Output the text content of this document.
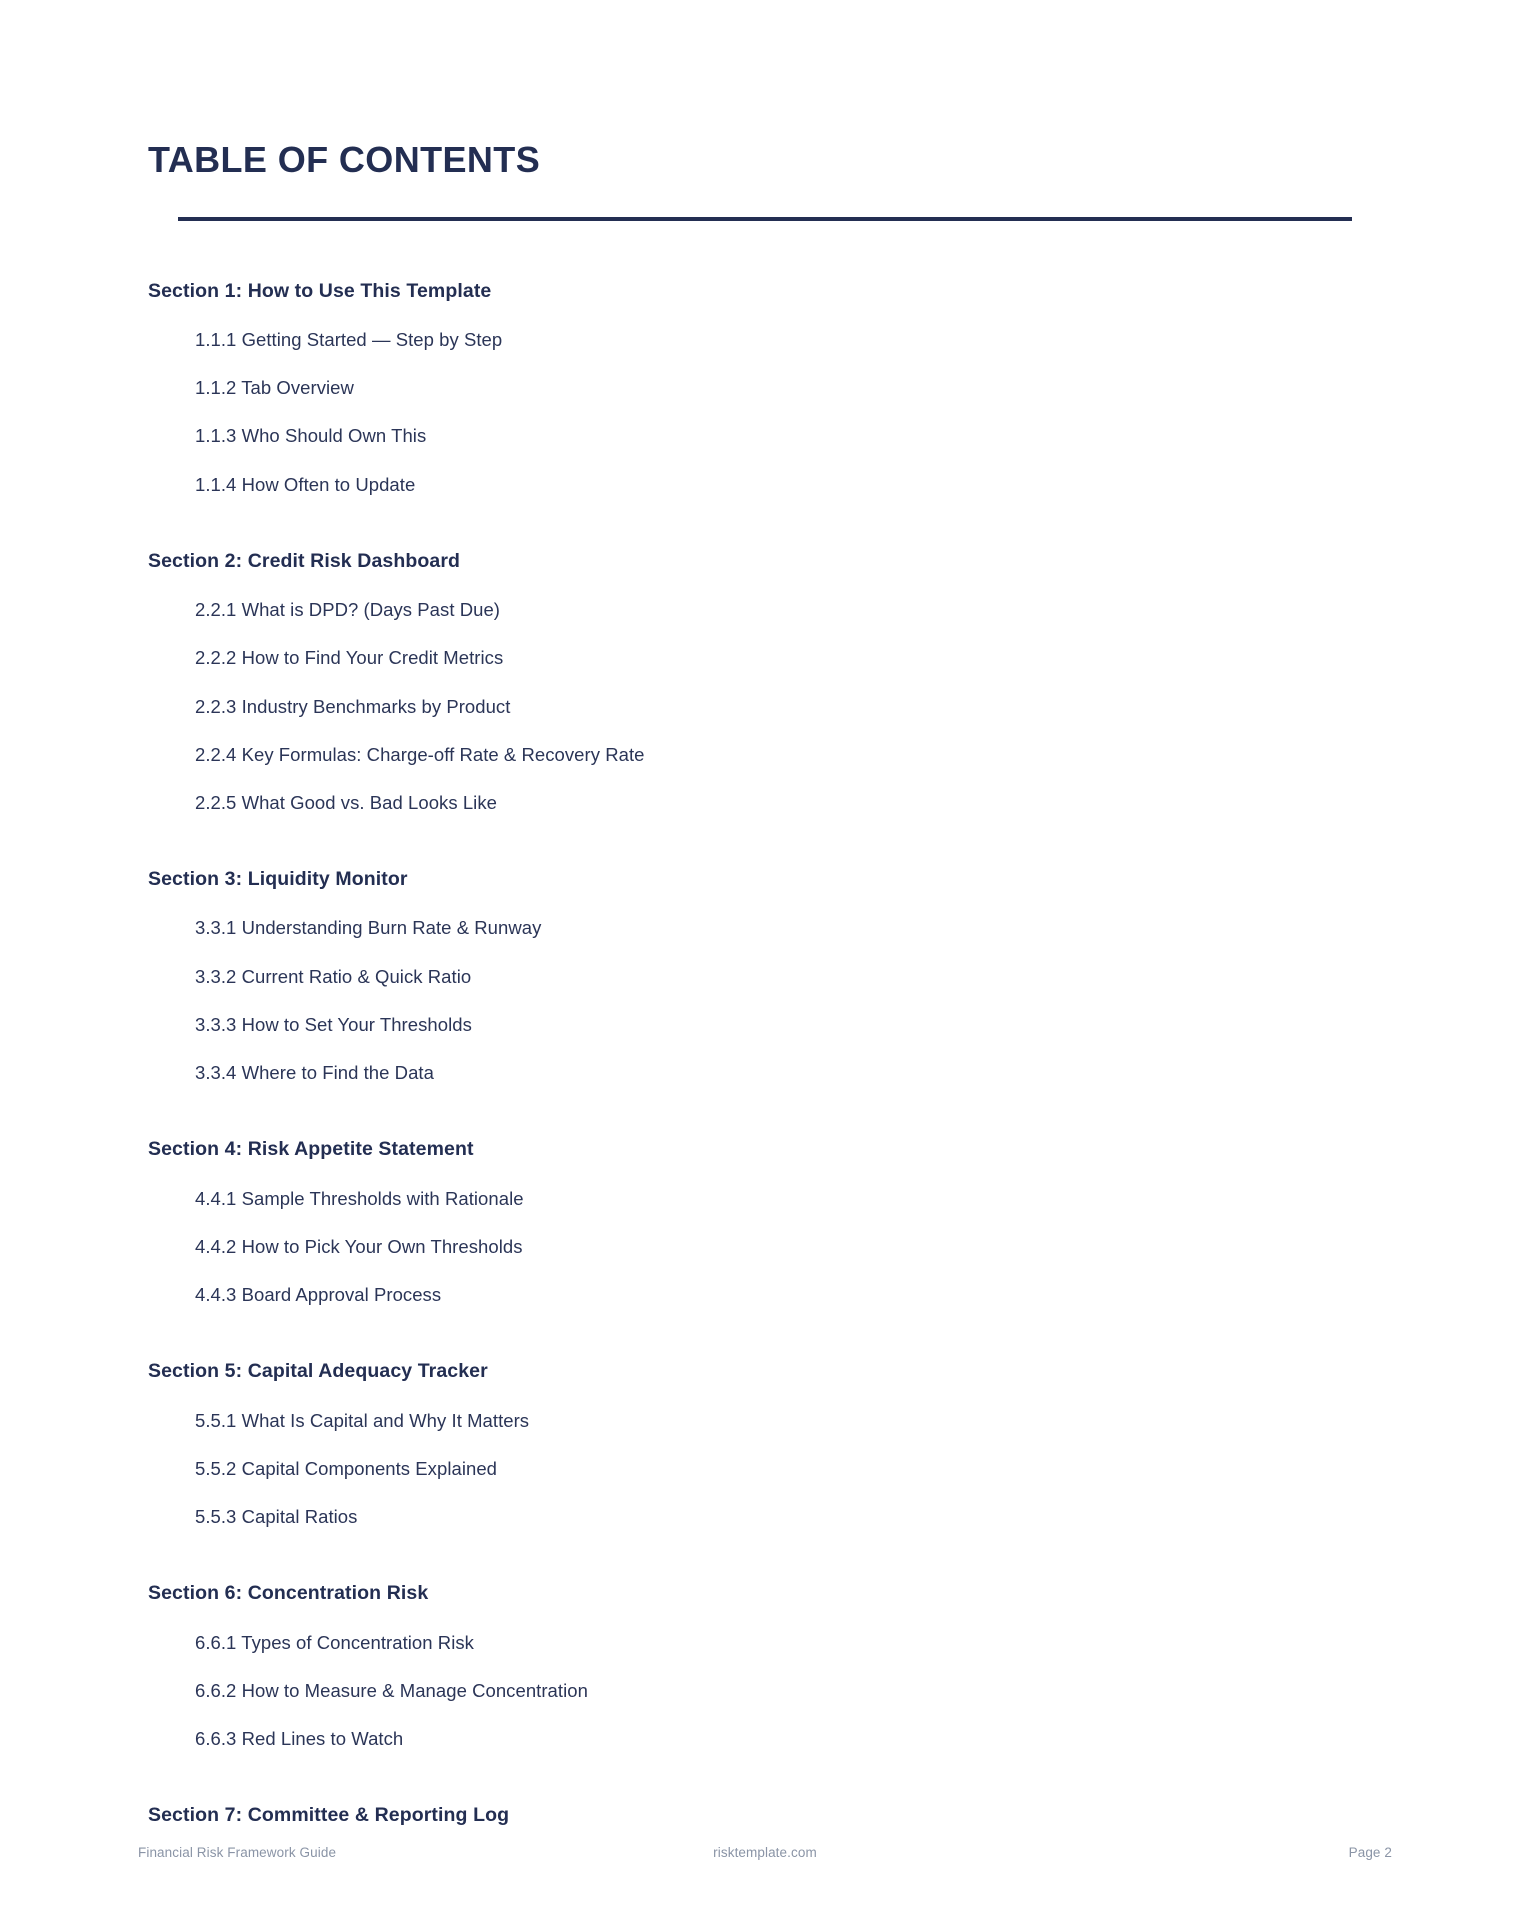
TABLE OF CONTENTS
Section 1: How to Use This Template
1.1.1 Getting Started — Step by Step
1.1.2 Tab Overview
1.1.3 Who Should Own This
1.1.4 How Often to Update
Section 2: Credit Risk Dashboard
2.2.1 What is DPD? (Days Past Due)
2.2.2 How to Find Your Credit Metrics
2.2.3 Industry Benchmarks by Product
2.2.4 Key Formulas: Charge-off Rate & Recovery Rate
2.2.5 What Good vs. Bad Looks Like
Section 3: Liquidity Monitor
3.3.1 Understanding Burn Rate & Runway
3.3.2 Current Ratio & Quick Ratio
3.3.3 How to Set Your Thresholds
3.3.4 Where to Find the Data
Section 4: Risk Appetite Statement
4.4.1 Sample Thresholds with Rationale
4.4.2 How to Pick Your Own Thresholds
4.4.3 Board Approval Process
Section 5: Capital Adequacy Tracker
5.5.1 What Is Capital and Why It Matters
5.5.2 Capital Components Explained
5.5.3 Capital Ratios
Section 6: Concentration Risk
6.6.1 Types of Concentration Risk
6.6.2 How to Measure & Manage Concentration
6.6.3 Red Lines to Watch
Section 7: Committee & Reporting Log
Financial Risk Framework Guide	risktemplate.com	Page 2
